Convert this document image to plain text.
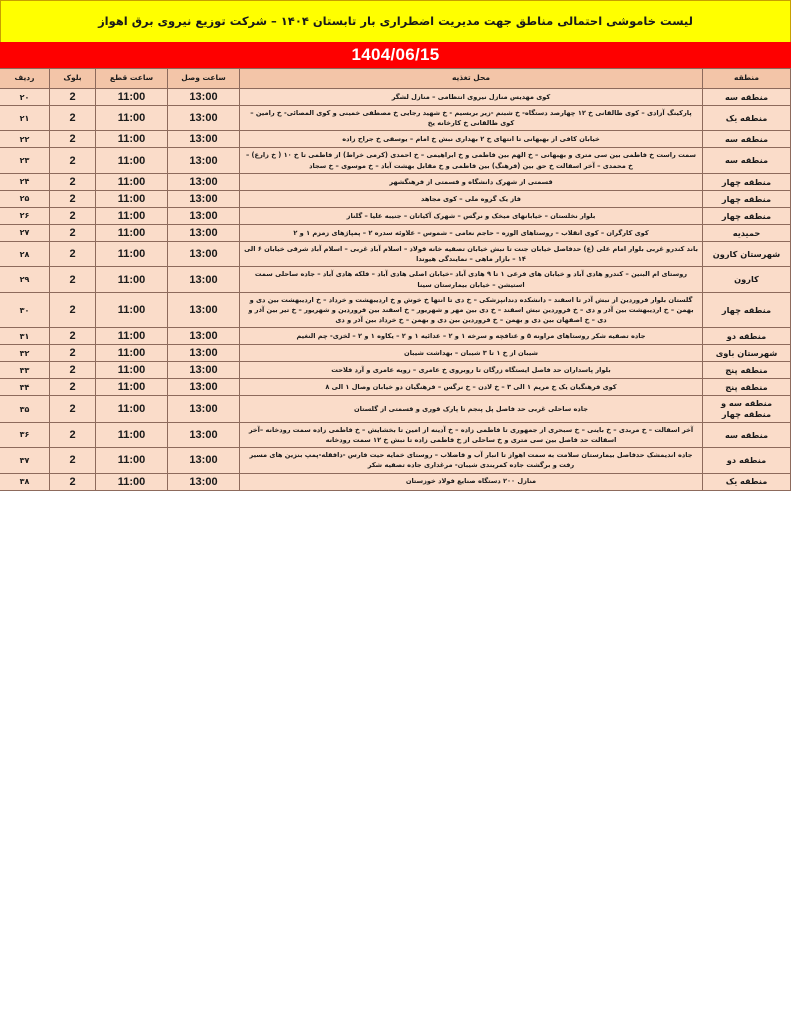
لیست خاموشی احتمالی مناطق جهت مدیریت اضطراری بار تابستان ۱۴۰۴ – شرکت توزیع نیروی برق اهواز
1404/06/15
منطقه	محل تغذیه	ساعت وصل	ساعت قطع	بلوک	ردیف
منطقه سه	کوی مهدیس منازل نیروی انتظامی – منازل لشگر	13:00	11:00	2	۲۰
منطقه یک	پارکینگ آزادی – کوی طالقانی خ ۱۲ چهارصد دستگاه- خ شبنم -زیر بربسیم - خ شهید رجایی خ مصطفی خمینی و کوی المصائی- خ رامین – کوی طالقانی خ کارخانه یخ	13:00	11:00	2	۲۱
منطقه سه	خیابان کافی از بهبهانی تا انتهای خ ۲ بهداری نبش خ امام – یوسفی خ جراح زاده	13:00	11:00	2	۲۲
منطقه سه	سمت راست خ فاطمی بین سی متری و بهبهانی – خ الهم بین فاطمی و خ ابراهیمی – خ احمدی (کرمی خراط) از فاطمی تا خ ۱۰ ( خ زارع) – خ محمدی – آخر اسفالت خ حق بین (فرهنگ) بین فاطمی و خ مقابل بهشت آباد – خ موسوی – خ سجاد	13:00	11:00	2	۲۳
منطقه چهار	قسمتی از شهرک دانشگاه و قسمتی از فرهنگشهر	13:00	11:00	2	۲۴
منطقه چهار	فاز یک گروه ملی – کوی مجاهد	13:00	11:00	2	۲۵
منطقه چهار	بلوار نخلستان – خیابانهای میخک و نرگس – شهرک آکیاتان – جنیبه علیا – گلناز	13:00	11:00	2	۲۶
حمیدیه	کوی کارگران – کوی انقلاب – روستاهای الوزه – حاجم نعامی – شموس – علاوئه سدره ۲ – پمپاژهای زمزم ۱ و ۲	13:00	11:00	2	۲۷
شهرستان کارون	باند کندرو غربی بلوار امام علی (ع) حدفاصل خیابان جنت تا نبش خیابان تصفیه خانه فولاد – اسلام آباد غربی – اسلام آباد شرقی خیابان ۶ الی ۱۴ – بازار ماهی – نمایندگی هیوندا	13:00	11:00	2	۲۸
کارون	روستای ام البنین – کندرو هادی آباد و خیابان های فرعی ۱ تا ۹ هادی آباد –خیابان اصلی هادی آباد – فلکه هادی آباد – جاده ساحلی سمت استیشن – خیابان بیمارستان سینا	13:00	11:00	2	۲۹
منطقه چهار	گلستان بلوار فروردین از نبش آذر تا اسفند – دانشکده دندانپزشکی – خ دی تا انتها خ خوش و خ اردیبهشت و خرداد – خ اردیبهشت بین دی و بهمن – خ اردیبهشت بین آذر و دی – خ فروردین نبش اسفند – خ دی بین مهر و شهریور – خ اسفند بین فروردین و شهریور – خ تیر بین آذر و دی – خ اصفهان بین دی و بهمن – خ فروردین بین دی و بهمن – خ خرداد بین آذر و دی	13:00	11:00	2	۳۰
منطقه دو	جاده تصفیه شکر روستاهای مراونه ۵ و عتافچه و سرخه ۱ و ۲ – عدائیه ۱ و ۲ – یکاوه ۱ و ۲ – لخزی- چم النغیم	13:00	11:00	2	۳۱
شهرستان باوی	شیبان از خ ۱ تا ۳ شیبان – بهداشت شیبان	13:00	11:00	2	۳۲
منطقه پنج	بلوار پاسداران حد فاصل ایستگاه زرگان تا روبروی خ عامری – زویه عامری و آرد فلاحت	13:00	11:00	2	۳۳
منطقه پنج	کوی فرهنگیان یک خ مریم ۱ الی ۳ – خ لادن – خ نرگس – فرهنگیان دو خیابان وصال ۱ الی ۸	13:00	11:00	2	۳۴
منطقه سه و منطقه چهار	جاده ساحلی غربی حد فاصل پل پنجم تا پارک قوری و قسمتی از گلستان	13:00	11:00	2	۳۵
منطقه سه	آخر اسفالت – خ مربدی – خ باینی – خ سبحری از جمهوری تا فاطمی زاده – خ آدینه از امین تا بخشایش – خ فاطمی زاده سمت رودخانه –آخر اسفالت حد فاصل بین سی متری و خ ساحلی از خ فاطمی زاده تا نبش خ ۱۲ سمت رودخانه	13:00	11:00	2	۳۶
منطقه دو	جاده اندیمشک حدفاصل بیمارستان سلامت به سمت اهواز تا انبار آب و فاضلاب – روستای خمایه حیت فارس -دافقله-پمپ بنزین های مسیر رفت و برگشت جاده کمربندی شیبان- مرغداری جاده تصفیه شکر	13:00	11:00	2	۳۷
منطقه یک	منازل ۲۰۰ دستگاه صنایع فولاد خوزستان	13:00	11:00	2	۳۸
